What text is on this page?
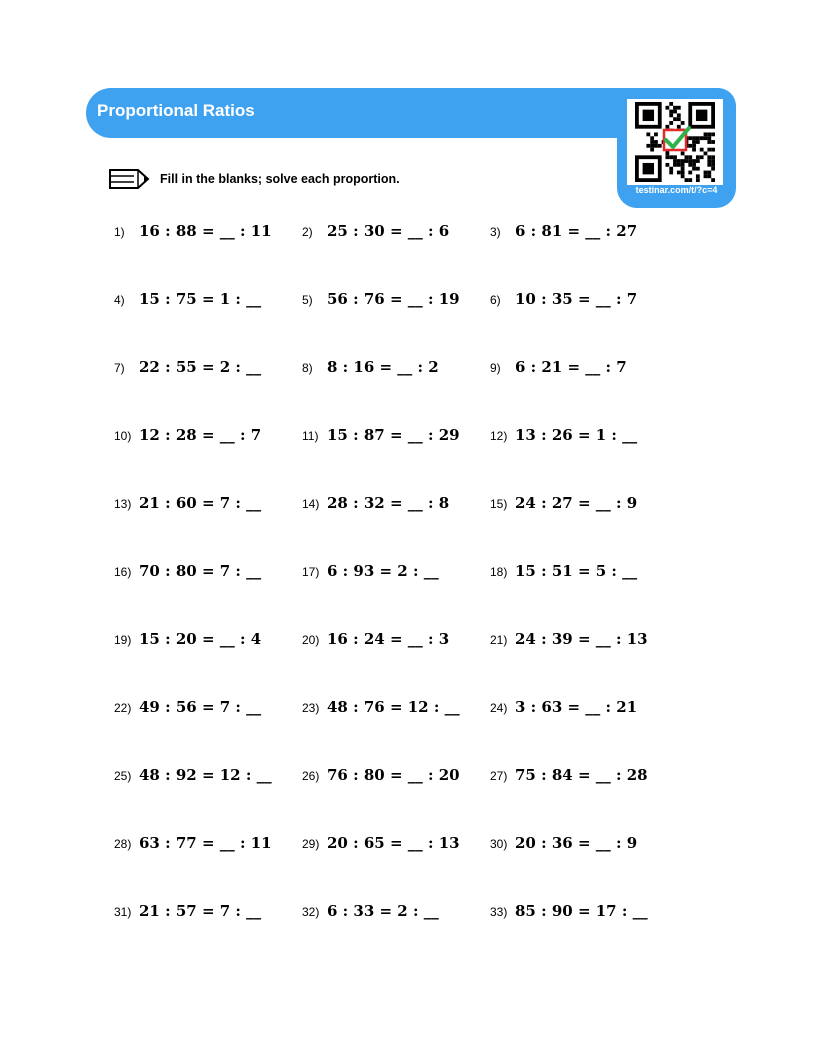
Proportional Ratios
testinar.com/t/?c=4
Fill in the blanks; solve each proportion.
1) 16 : 88 = __ : 11	2) 25 : 30 = __ : 6	3) 6 : 81 = __ : 27
4) 15 : 75 = 1 : __	5) 56 : 76 = __ : 19	6) 10 : 35 = __ : 7
7) 22 : 55 = 2 : __	8) 8 : 16 = __ : 2	9) 6 : 21 = __ : 7
10) 12 : 28 = __ : 7	11) 15 : 87 = __ : 29	12) 13 : 26 = 1 : __
13) 21 : 60 = 7 : __	14) 28 : 32 = __ : 8	15) 24 : 27 = __ : 9
16) 70 : 80 = 7 : __	17) 6 : 93 = 2 : __	18) 15 : 51 = 5 : __
19) 15 : 20 = __ : 4	20) 16 : 24 = __ : 3	21) 24 : 39 = __ : 13
22) 49 : 56 = 7 : __	23) 48 : 76 = 12 : __	24) 3 : 63 = __ : 21
25) 48 : 92 = 12 : __	26) 76 : 80 = __ : 20	27) 75 : 84 = __ : 28
28) 63 : 77 = __ : 11	29) 20 : 65 = __ : 13	30) 20 : 36 = __ : 9
31) 21 : 57 = 7 : __	32) 6 : 33 = 2 : __	33) 85 : 90 = 17 : __
